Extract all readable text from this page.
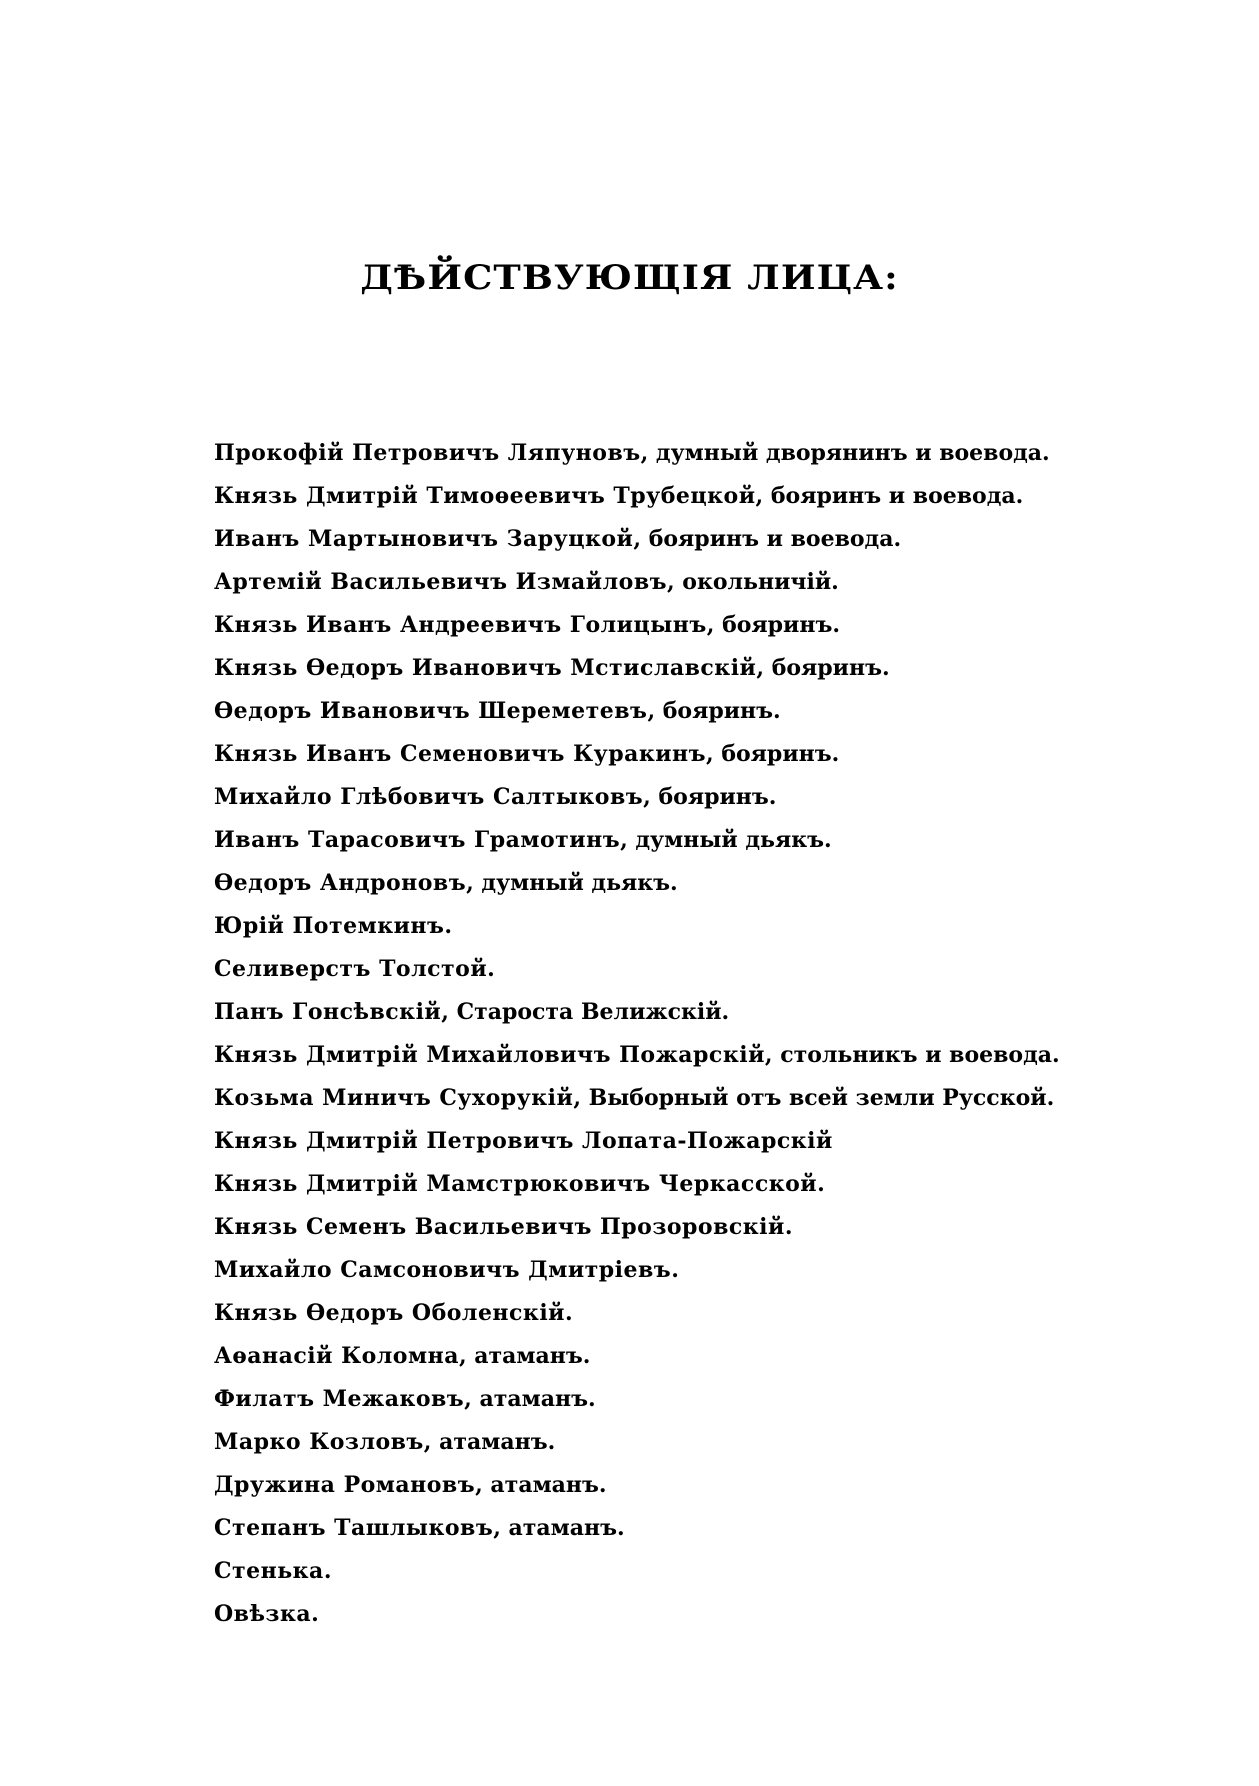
ДѢЙСТВУЮЩІЯ ЛИЦА:
Прокофій Петровичъ Ляпуновъ, думный дворянинъ и воевода.
Князь Дмитрій Тимоѳеевичъ Трубецкой, бояринъ и воевода.
Иванъ Мартыновичъ Заруцкой, бояринъ и воевода.
Артемій Васильевичъ Измайловъ, окольничій.
Князь Иванъ Андреевичъ Голицынъ, бояринъ.
Князь Ѳедоръ Ивановичъ Мстиславскій, бояринъ.
Ѳедоръ Ивановичъ Шереметевъ, бояринъ.
Князь Иванъ Семеновичъ Куракинъ, бояринъ.
Михайло Глѣбовичъ Салтыковъ, бояринъ.
Иванъ Тарасовичъ Грамотинъ, думный дьякъ.
Ѳедоръ Андроновъ, думный дьякъ.
Юрій Потемкинъ.
Селиверстъ Толстой.
Панъ Гонсѣвскій, Староста Велижскій.
Князь Дмитрій Михайловичъ Пожарскій, стольникъ и воевода.
Козьма Миничъ Сухорукій, Выборный отъ всей земли Русской.
Князь Дмитрій Петровичъ Лопата-Пожарскій
Князь Дмитрій Мамстрюковичъ Черкасской.
Князь Семенъ Васильевичъ Прозоровскій.
Михайло Самсоновичъ Дмитріевъ.
Князь Ѳедоръ Оболенскій.
Аѳанасій Коломна, атаманъ.
Филатъ Межаковъ, атаманъ.
Марко Козловъ, атаманъ.
Дружина Романовъ, атаманъ.
Степанъ Ташлыковъ, атаманъ.
Стенька.
Овѣзка.
